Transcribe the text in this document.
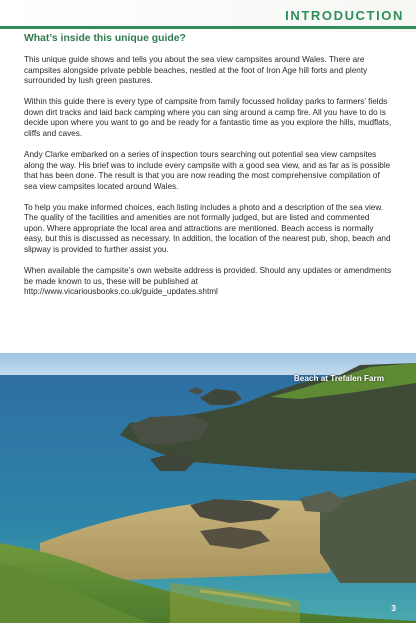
INTRODUCTION
What’s inside this unique guide?

This unique guide shows and tells you about the sea view campsites around Wales. There are campsites alongside private pebble beaches, nestled at the foot of Iron Age hill forts and plenty surrounded by lush green pastures.

Within this guide there is every type of campsite from family focussed holiday parks to farmers’ fields down dirt tracks and laid back camping where you can sing around a camp fire. All you have to do is decide upon where you want to go and be ready for a fantastic time as you explore the hills, mudflats, cliffs and caves.

Andy Clarke embarked on a series of inspection tours searching out potential sea view campsites along the way. His brief was to include every campsite with a good sea view, and as far as is possible that has been done. The result is that you are now reading the most comprehensive compilation of sea view campsites located around Wales.

To help you make informed choices, each listing includes a photo and a description of the sea view. The quality of the facilities and amenities are not formally judged, but are listed and commented upon. Where appropriate the local area and attractions are mentioned. Beach access is normally easy, but this is discussed as necessary. In addition, the location of the nearest pub, shop, beach and slipway is provided to further assist you.

When available the campsite’s own website address is provided. Should any updates or amendments be made known to us, these will be published at http://www.vicariousbooks.co.uk/guide_updates.shtml

Beach at Trefalen Farm
3
